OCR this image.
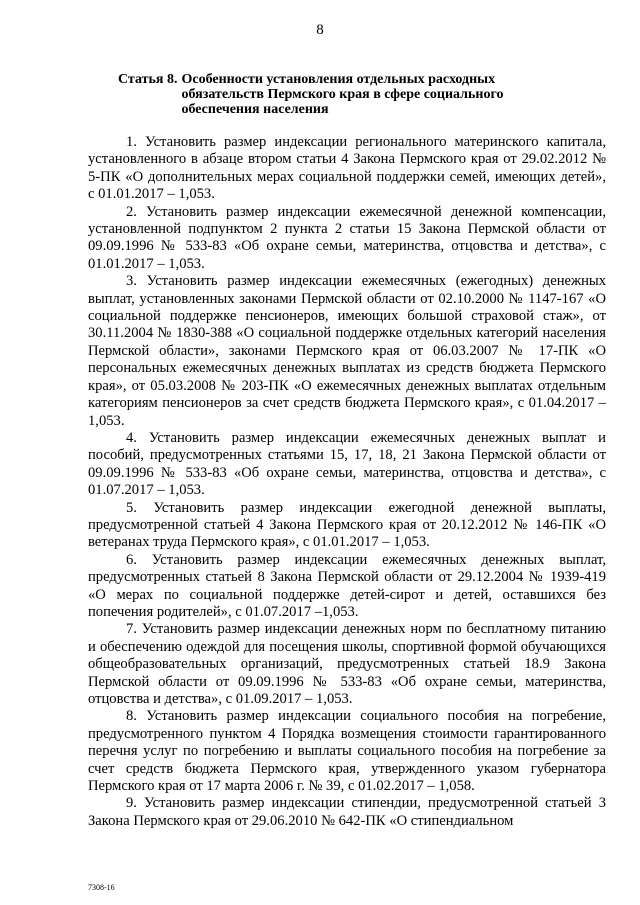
8
Статья 8. Особенности установления отдельных расходных обязательств Пермского края в сфере социального обеспечения населения

1. Установить размер индексации регионального материнского капитала, установленного в абзаце втором статьи 4 Закона Пермского края от 29.02.2012 № 5-ПК «О дополнительных мерах социальной поддержки семей, имеющих детей», с 01.01.2017 – 1,053.

2. Установить размер индексации ежемесячной денежной компенсации, установленной подпунктом 2 пункта 2 статьи 15 Закона Пермской области от 09.09.1996 № 533-83 «Об охране семьи, материнства, отцовства и детства», с 01.01.2017 – 1,053.

3. Установить размер индексации ежемесячных (ежегодных) денежных выплат, установленных законами Пермской области от 02.10.2000 № 1147-167 «О социальной поддержке пенсионеров, имеющих большой страховой стаж», от 30.11.2004 № 1830-388 «О социальной поддержке отдельных категорий населения Пермской области», законами Пермского края от 06.03.2007 № 17-ПК «О персональных ежемесячных денежных выплатах из средств бюджета Пермского края», от 05.03.2008 № 203-ПК «О ежемесячных денежных выплатах отдельным категориям пенсионеров за счет средств бюджета Пермского края», с 01.04.2017 – 1,053.

4. Установить размер индексации ежемесячных денежных выплат и пособий, предусмотренных статьями 15, 17, 18, 21 Закона Пермской области от 09.09.1996 № 533-83 «Об охране семьи, материнства, отцовства и детства», с 01.07.2017 – 1,053.

5. Установить размер индексации ежегодной денежной выплаты, предусмотренной статьей 4 Закона Пермского края от 20.12.2012 № 146-ПК «О ветеранах труда Пермского края», с 01.01.2017 – 1,053.

6. Установить размер индексации ежемесячных денежных выплат, предусмотренных статьей 8 Закона Пермской области от 29.12.2004 № 1939-419 «О мерах по социальной поддержке детей-сирот и детей, оставшихся без попечения родителей», с 01.07.2017 –1,053.

7. Установить размер индексации денежных норм по бесплатному питанию и обеспечению одеждой для посещения школы, спортивной формой обучающихся общеобразовательных организаций, предусмотренных статьей 18.9 Закона Пермской области от 09.09.1996 № 533-83 «Об охране семьи, материнства, отцовства и детства», с 01.09.2017 – 1,053.

8. Установить размер индексации социального пособия на погребение, предусмотренного пунктом 4 Порядка возмещения стоимости гарантированного перечня услуг по погребению и выплаты социального пособия на погребение за счет средств бюджета Пермского края, утвержденного указом губернатора Пермского края от 17 марта 2006 г. № 39, с 01.02.2017 – 1,058.

9. Установить размер индексации стипендии, предусмотренной статьей 3 Закона Пермского края от 29.06.2010 № 642-ПК «О стипендиальном

7308-16
